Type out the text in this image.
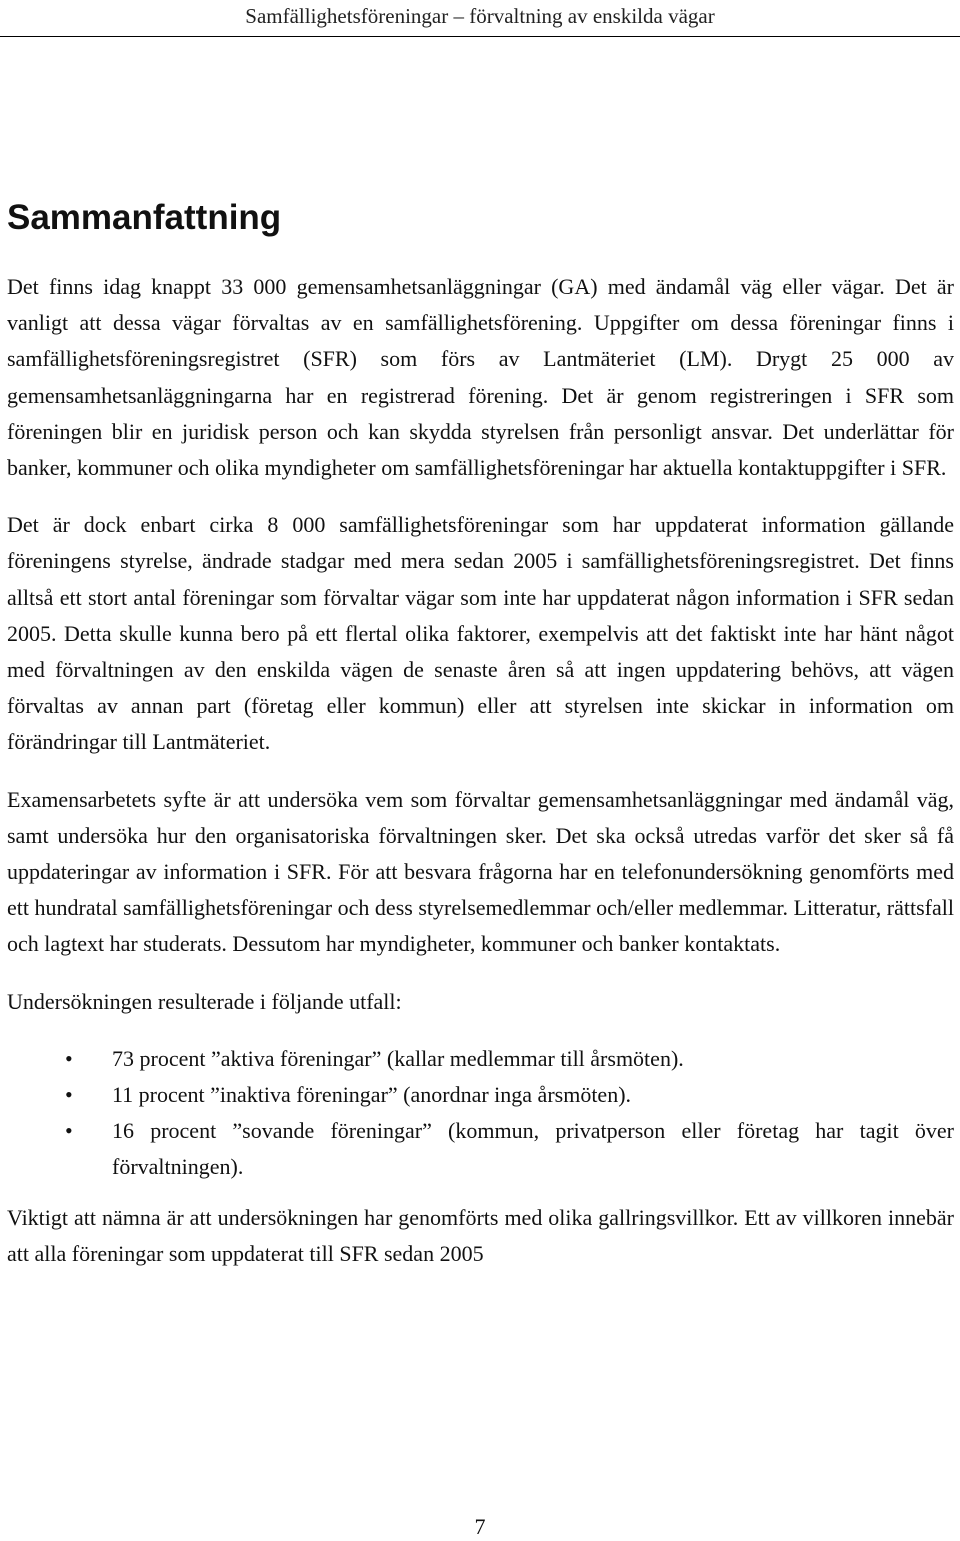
Samfällighetsföreningar – förvaltning av enskilda vägar
Sammanfattning

Det finns idag knappt 33 000 gemensamhetsanläggningar (GA) med ändamål väg eller vägar. Det är vanligt att dessa vägar förvaltas av en samfällighetsförening. Uppgifter om dessa föreningar finns i samfällighetsföreningsregistret (SFR) som förs av Lantmäteriet (LM). Drygt 25 000 av gemensamhetsanläggningarna har en registrerad förening. Det är genom registreringen i SFR som föreningen blir en juridisk person och kan skydda styrelsen från personligt ansvar. Det underlättar för banker, kommuner och olika myndigheter om samfällighetsföreningar har aktuella kontaktuppgifter i SFR.

Det är dock enbart cirka 8 000 samfällighetsföreningar som har uppdaterat information gällande föreningens styrelse, ändrade stadgar med mera sedan 2005 i samfällighetsföreningsregistret. Det finns alltså ett stort antal föreningar som förvaltar vägar som inte har uppdaterat någon information i SFR sedan 2005. Detta skulle kunna bero på ett flertal olika faktorer, exempelvis att det faktiskt inte har hänt något med förvaltningen av den enskilda vägen de senaste åren så att ingen uppdatering behövs, att vägen förvaltas av annan part (företag eller kommun) eller att styrelsen inte skickar in information om förändringar till Lantmäteriet.

Examensarbetets syfte är att undersöka vem som förvaltar gemensamhetsanläggningar med ändamål väg, samt undersöka hur den organisatoriska förvaltningen sker. Det ska också utredas varför det sker så få uppdateringar av information i SFR. För att besvara frågorna har en telefonundersökning genomförts med ett hundratal samfällighetsföreningar och dess styrelsemedlemmar och/eller medlemmar. Litteratur, rättsfall och lagtext har studerats. Dessutom har myndigheter, kommuner och banker kontaktats.

Undersökningen resulterade i följande utfall:

• 73 procent ”aktiva föreningar” (kallar medlemmar till årsmöten).
• 11 procent ”inaktiva föreningar” (anordnar inga årsmöten).
• 16 procent ”sovande föreningar” (kommun, privatperson eller företag har tagit över förvaltningen).

Viktigt att nämna är att undersökningen har genomförts med olika gallringsvillkor. Ett av villkoren innebär att alla föreningar som uppdaterat till SFR sedan 2005

7
